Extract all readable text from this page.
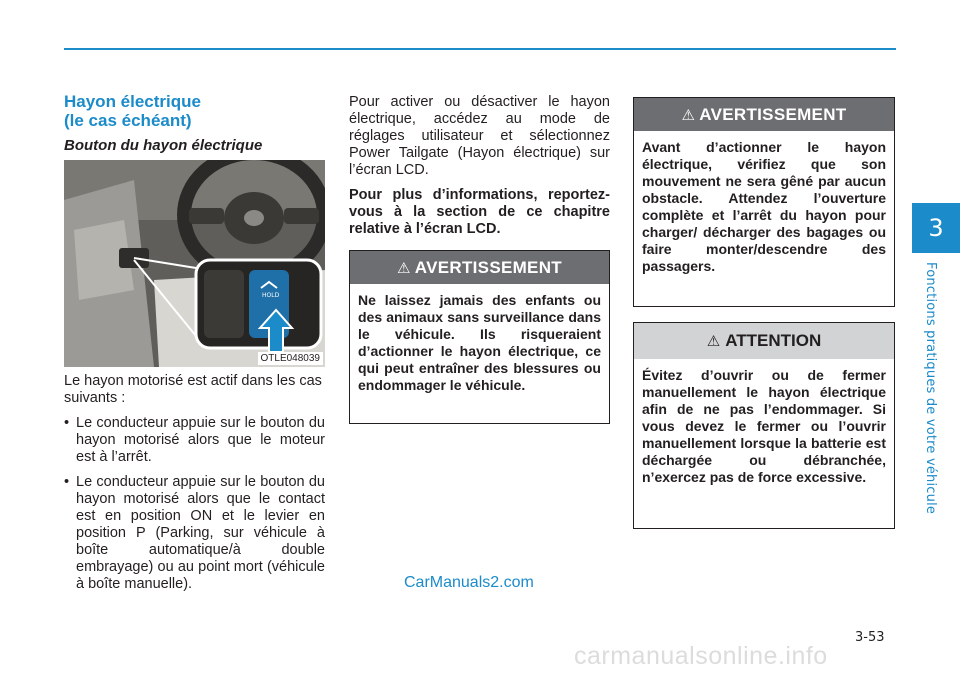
3
Fonctions pratiques de votre véhicule
Hayon électrique
(le cas échéant)
Bouton du hayon électrique
HOLD
OTLE048039

Le hayon motorisé est actif dans les cas suivants :

• Le conducteur appuie sur le bouton du hayon motorisé alors que le moteur est à l’arrêt.
• Le conducteur appuie sur le bouton du hayon motorisé alors que le contact est en position ON et le levier en position P (Parking, sur véhicule à boîte automatique/à double embrayage) ou au point mort (véhicule à boîte manuelle).

Pour activer ou désactiver le hayon électrique, accédez au mode de réglages utilisateur et sélectionnez Power Tailgate (Hayon électrique) sur l’écran LCD.

Pour plus d’informations, reportez-vous à la section de ce chapitre relative à l’écran LCD.

⚠ AVERTISSEMENT
Ne laissez jamais des enfants ou des animaux sans surveillance dans le véhicule. Ils risqueraient d’actionner le hayon électrique, ce qui peut entraîner des blessures ou endommager le véhicule.
⚠ AVERTISSEMENT
Avant d’actionner le hayon électrique, vérifiez que son mouvement ne sera gêné par aucun obstacle. Attendez l’ouverture complète et l’arrêt du hayon pour charger/ décharger des bagages ou faire monter/descendre des passagers.
⚠ ATTENTION
Évitez d’ouvrir ou de fermer manuellement le hayon électrique afin de ne pas l’endommager. Si vous devez le fermer ou l’ouvrir manuellement lorsque la batterie est déchargée ou débranchée, n’exercez pas de force excessive.
CarManuals2.com
3-53
carmanualsonline.info
